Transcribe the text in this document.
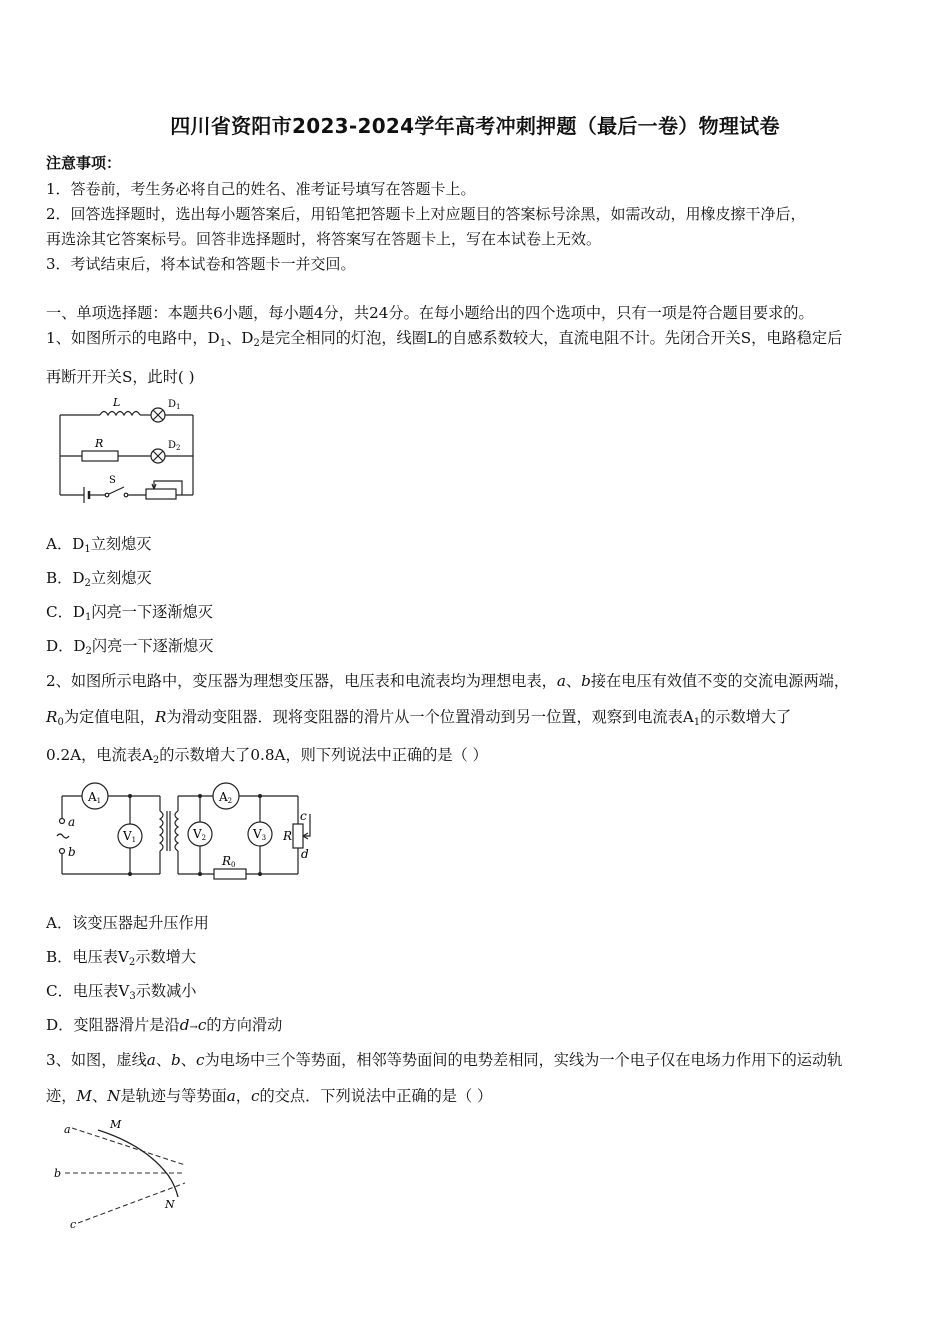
四川省资阳市2023-2024学年高考冲刺押题（最后一卷）物理试卷
注意事项：
1．答卷前，考生务必将自己的姓名、准考证号填写在答题卡上。
2．回答选择题时，选出每小题答案后，用铅笔把答题卡上对应题目的答案标号涂黑，如需改动，用橡皮擦干净后，
再选涂其它答案标号。回答非选择题时，将答案写在答题卡上，写在本试卷上无效。
3．考试结束后，将本试卷和答题卡一并交回。
一、单项选择题：本题共6小题，每小题4分，共24分。在每小题给出的四个选项中，只有一项是符合题目要求的。
1、如图所示的电路中，$D_1$、$D_2$是完全相同的灯泡，线圈L的自感系数较大，直流电阻不计。先闭合开关S，电路稳定后
再断开开关S，此时( )
L
R
$D_1$
$D_2$
S
A．$D_1$立刻熄灭
B．$D_2$立刻熄灭
C．$D_1$闪亮一下逐渐熄灭
D．$D_2$闪亮一下逐渐熄灭
2、如图所示电路中，变压器为理想变压器，电压表和电流表均为理想电表，a、b接在电压有效值不变的交流电源两端，
$R_0$为定值电阻，R为滑动变阻器．现将变阻器的滑片从一个位置滑动到另一位置，观察到电流表$A_1$的示数增大了
0.2A，电流表$A_2$的示数增大了0.8A，则下列说法中正确的是（ ）
A1	A2
V1	V2	V3
a
b
c
d
R
R0
A．该变压器起升压作用
B．电压表$V_2$示数增大
C．电压表$V_3$示数减小
D．变阻器滑片是沿d→c的方向滑动
3、如图，虚线a、b、c为电场中三个等势面，相邻等势面间的电势差相同，实线为一个电子仅在电场力作用下的运动轨
迹，M、N是轨迹与等势面a，c的交点．下列说法中正确的是（ ）
a
b
c
M
N
